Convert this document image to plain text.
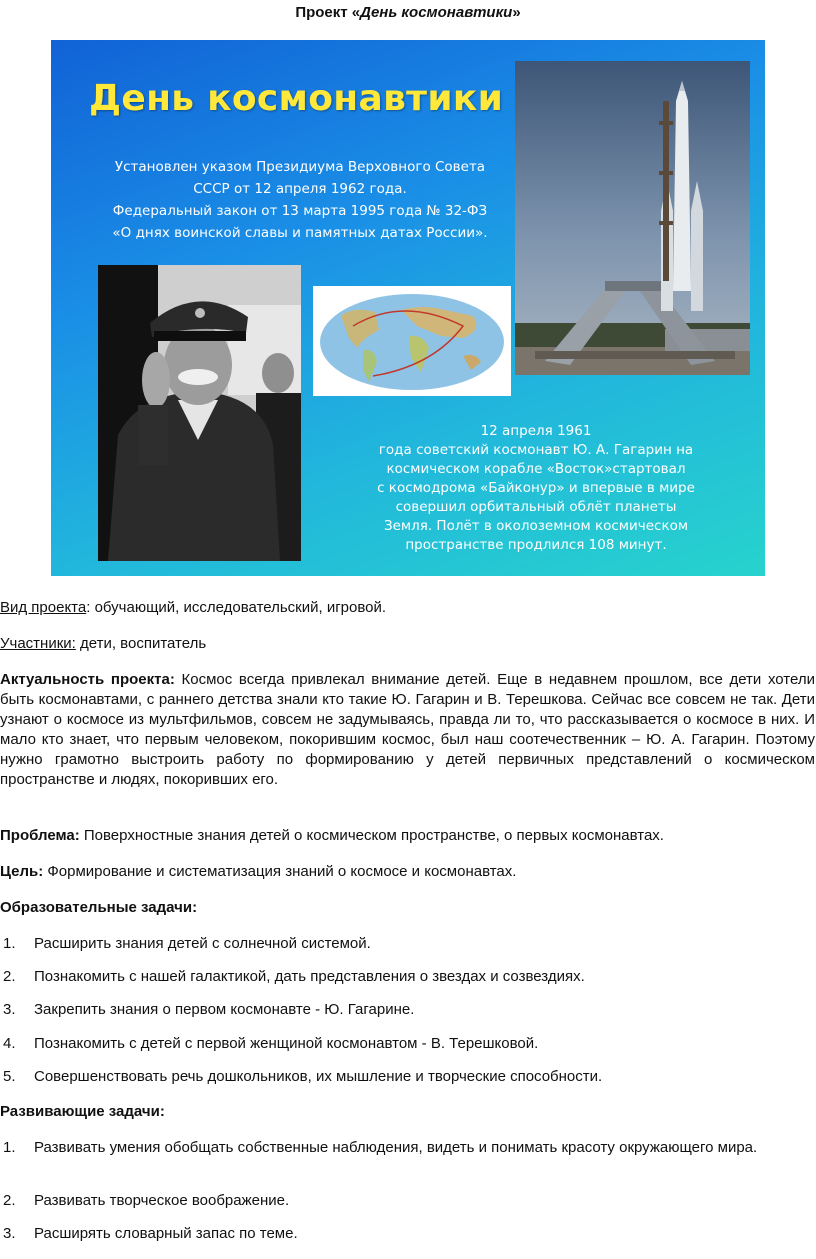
Проект «День космонавтики»
День космонавтики
Установлен указом Президиума Верховного Совета
СССР от 12 апреля 1962 года.
Федеральный закон от 13 марта 1995 года № 32-ФЗ
«О днях воинской славы и памятных датах России».
12 апреля 1961
года советский космонавт Ю. А. Гагарин на
космическом корабле «Восток»стартовал
с космодрома «Байконур» и впервые в мире
совершил орбитальный облёт планеты
Земля. Полёт в околоземном космическом
пространстве продлился 108 минут.

Вид проекта: обучающий, исследовательский, игровой.

Участники: дети, воспитатель

Актуальность проекта: Космос всегда привлекал внимание детей. Еще в недавнем прошлом, все дети хотели быть космонавтами, с раннего детства знали кто такие Ю. Гагарин и В. Терешкова. Сейчас все совсем не так. Дети узнают о космосе из мультфильмов, совсем не задумываясь, правда ли то, что рассказывается о космосе в них. И мало кто знает, что первым человеком, покорившим космос, был наш соотечественник – Ю. А. Гагарин. Поэтому нужно грамотно выстроить работу по формированию у детей первичных представлений о космическом пространстве и людях, покоривших его.

Проблема: Поверхностные знания детей о космическом пространстве, о первых космонавтах.

Цель: Формирование и систематизация знаний о космосе и космонавтах.

Образовательные задачи:
1. Расширить знания детей с солнечной системой.
2. Познакомить с нашей галактикой, дать представления о звездах и созвездиях.
3. Закрепить знания о первом космонавте - Ю. Гагарине.
4. Познакомить с детей с первой женщиной космонавтом - В. Терешковой.
5. Совершенствовать речь дошкольников, их мышление и творческие способности.
Развивающие задачи:
1. Развивать умения обобщать собственные наблюдения, видеть и понимать красоту окружающего мира.
2. Развивать творческое воображение.
3. Расширять словарный запас по теме.
